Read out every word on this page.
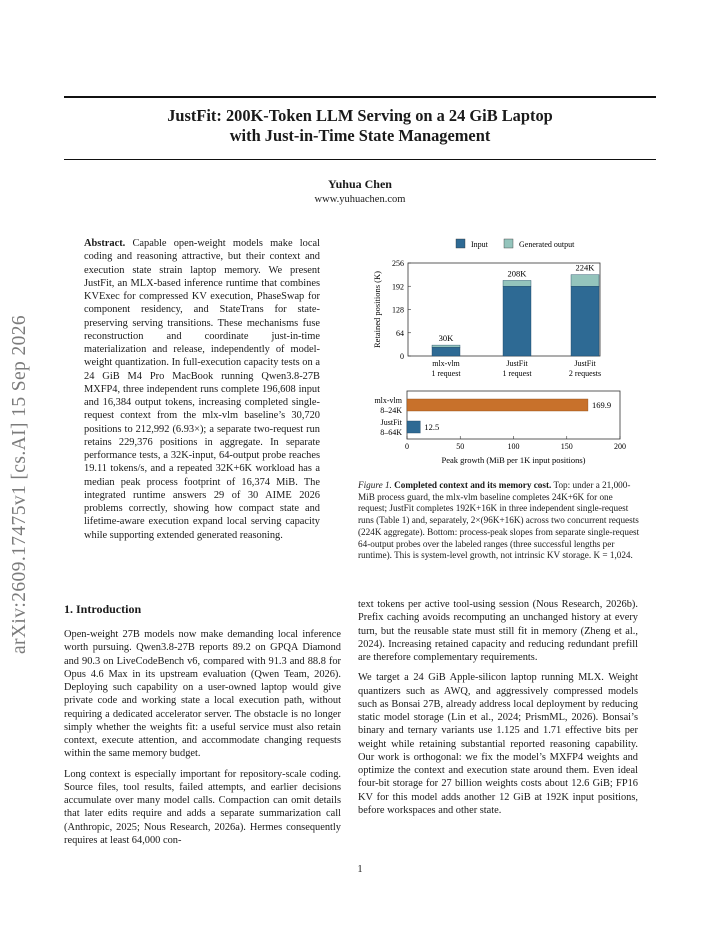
JustFit: 200K-Token LLM Serving on a 24 GiB Laptop
with Just-in-Time State Management
Yuhua Chen
www.yuhuachen.com
arXiv:2609.17475v1 [cs.AI] 15 Sep 2026
Abstract. Capable open-weight models make local coding and reasoning attractive, but their context and execution state strain laptop memory. We present JustFit, an MLX-based inference runtime that combines KVExec for compressed KV execution, PhaseSwap for component residency, and StateTrans for state-preserving serving transitions. These mechanisms fuse reconstruction and coordinate just-in-time materialization and release, independently of model-weight quantization. In full-execution capacity tests on a 24 GiB M4 Pro MacBook running Qwen3.8-27B MXFP4, three independent runs complete 196,608 input and 16,384 output tokens, increasing completed single-request context from the mlx-vlm baseline’s 30,720 positions to 212,992 (6.93×); a separate two-request run retains 229,376 positions in aggregate. In separate performance tests, a 32K-input, 64-output probe reaches 19.11 tokens/s, and a repeated 32K+6K workload has a median peak process footprint of 16,374 MiB. The integrated runtime answers 29 of 30 AIME 2026 problems correctly, showing how compact state and lifetime-aware execution expand local serving capacity while supporting extended generated reasoning.
Input	Generated output
0
64
128
192
256
Retained positions (K)	30K
mlx-vlm
1 request
208K
JustFit
1 request
224K
JustFit
2 requests
0	50	100	150	200
Peak growth (MiB per 1K input positions)
169.9
mlx-vlm
8–24K
12.5
JustFit
8–64K
Figure 1. Completed context and its memory cost. Top: under a 21,000-MiB process guard, the mlx-vlm baseline completes 24K+6K for one request; JustFit completes 192K+16K in three independent single-request runs (Table 1) and, separately, 2×(96K+16K) across two concurrent requests (224K aggregate). Bottom: process-peak slopes from separate single-request 64-output probes over the labeled ranges (three successful lengths per runtime). This is system-level growth, not intrinsic KV storage. K = 1,024.
1. Introduction

Open-weight 27B models now make demanding local inference worth pursuing. Qwen3.8-27B reports 89.2 on GPQA Diamond and 90.3 on LiveCodeBench v6, compared with 91.3 and 88.8 for Opus 4.6 Max in its upstream evaluation (Qwen Team, 2026). Deploying such capability on a user-owned laptop would give private code and working state a local execution path, without requiring a dedicated accelerator server. The obstacle is no longer simply whether the weights fit: a useful service must also retain context, execute attention, and accommodate changing requests within the same memory budget.

Long context is especially important for repository-scale coding. Source files, tool results, failed attempts, and earlier decisions accumulate over many model calls. Compaction can omit details that later edits require and adds a separate summarization call (Anthropic, 2025; Nous Research, 2026a). Hermes consequently requires at least 64,000 con-

text tokens per active tool-using session (Nous Research, 2026b). Prefix caching avoids recomputing an unchanged history at every turn, but the reusable state must still fit in memory (Zheng et al., 2024). Increasing retained capacity and reducing redundant prefill are therefore complementary requirements.

We target a 24 GiB Apple-silicon laptop running MLX. Weight quantizers such as AWQ, and aggressively compressed models such as Bonsai 27B, already address local deployment by reducing static model storage (Lin et al., 2024; PrismML, 2026). Bonsai’s binary and ternary variants use 1.125 and 1.71 effective bits per weight while retaining substantial reported reasoning capability. Our work is orthogonal: we fix the model’s MXFP4 weights and optimize the context and execution state around them. Even ideal four-bit storage for 27 billion weights costs about 12.6 GiB; FP16 KV for this model adds another 12 GiB at 192K input positions, before workspaces and other state.

1
